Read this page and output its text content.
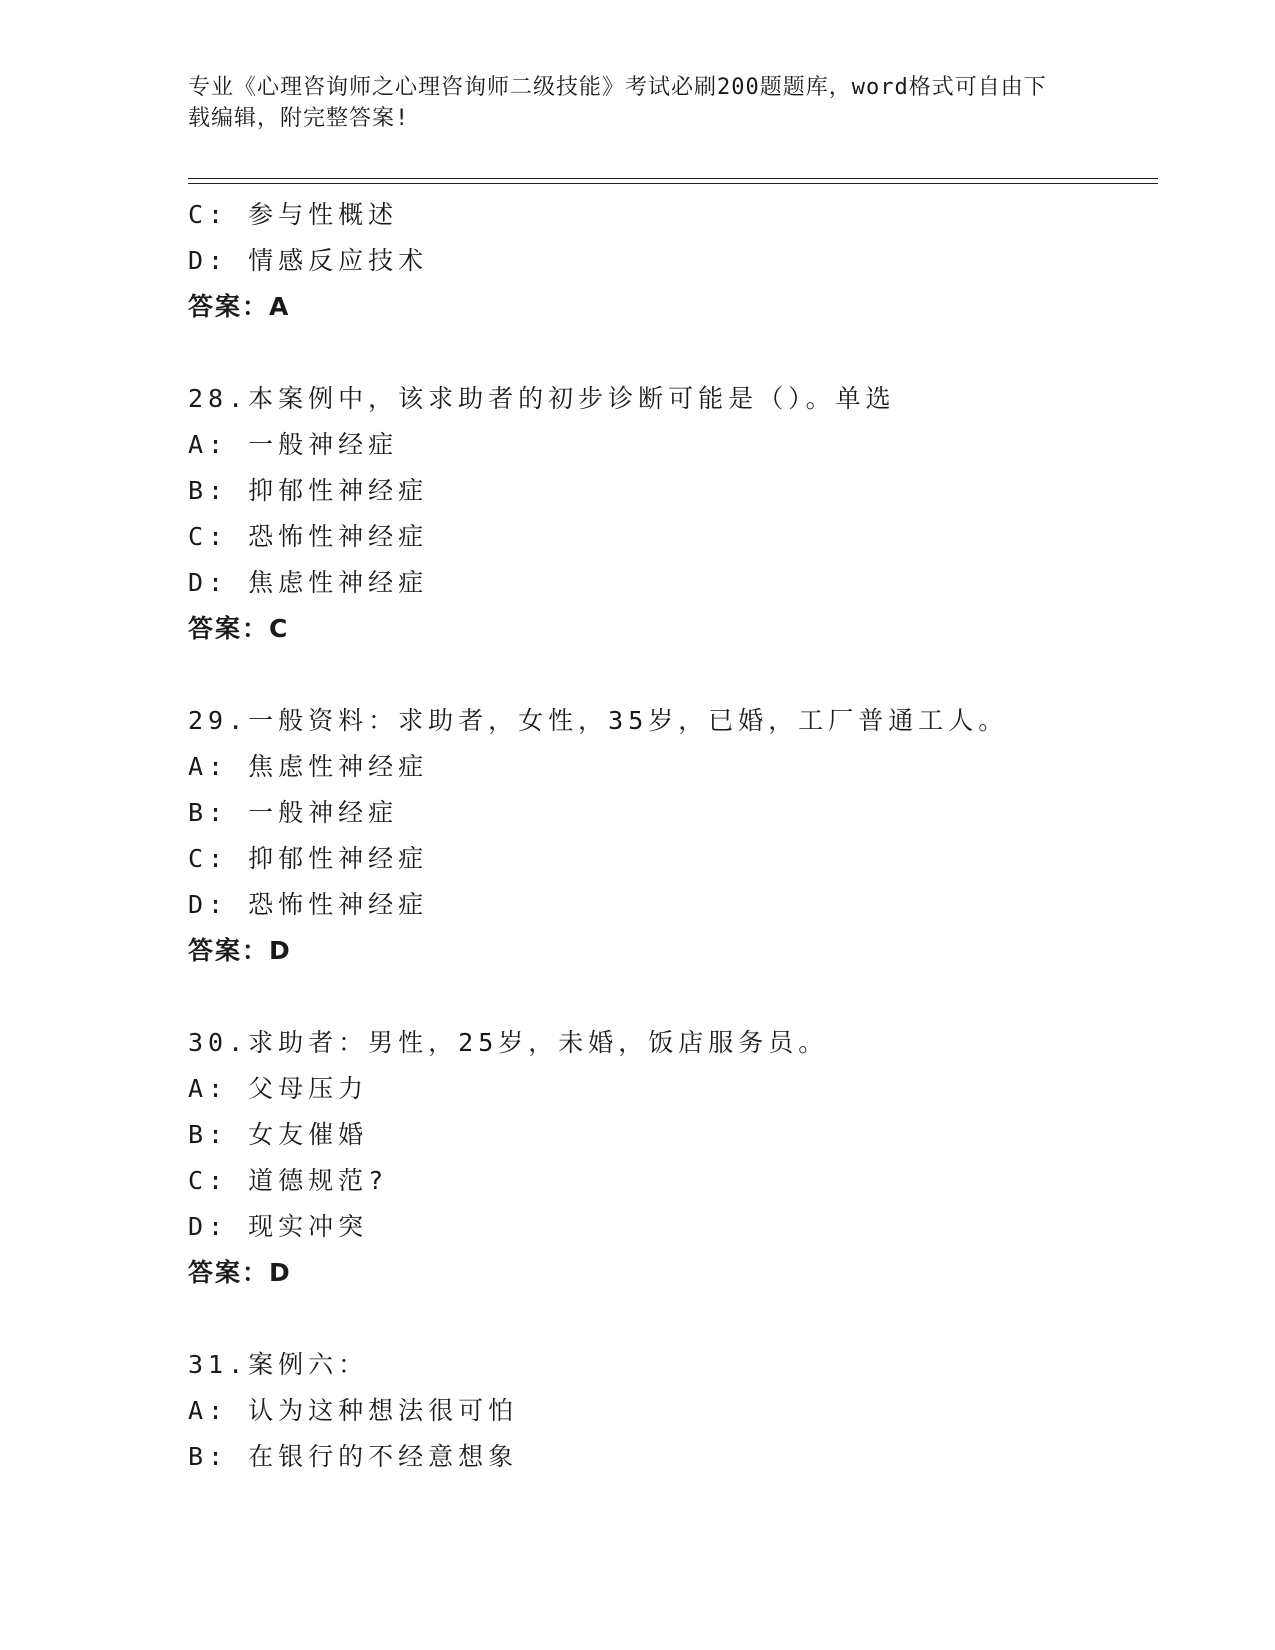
专业《心理咨询师之心理咨询师二级技能》考试必刷200题题库，word格式可自由下载编辑，附完整答案!
C: 参与性概述
D: 情感反应技术
答案：A
28.本案例中，该求助者的初步诊断可能是（）。单选
A: 一般神经症
B: 抑郁性神经症
C: 恐怖性神经症
D: 焦虑性神经症
答案：C
29.一般资料：求助者，女性，35岁，已婚，工厂普通工人。
A: 焦虑性神经症
B: 一般神经症
C: 抑郁性神经症
D: 恐怖性神经症
答案：D
30.求助者：男性，25岁，未婚，饭店服务员。
A: 父母压力
B: 女友催婚
C: 道德规范?
D: 现实冲突
答案：D
31.案例六：
A: 认为这种想法很可怕
B: 在银行的不经意想象
